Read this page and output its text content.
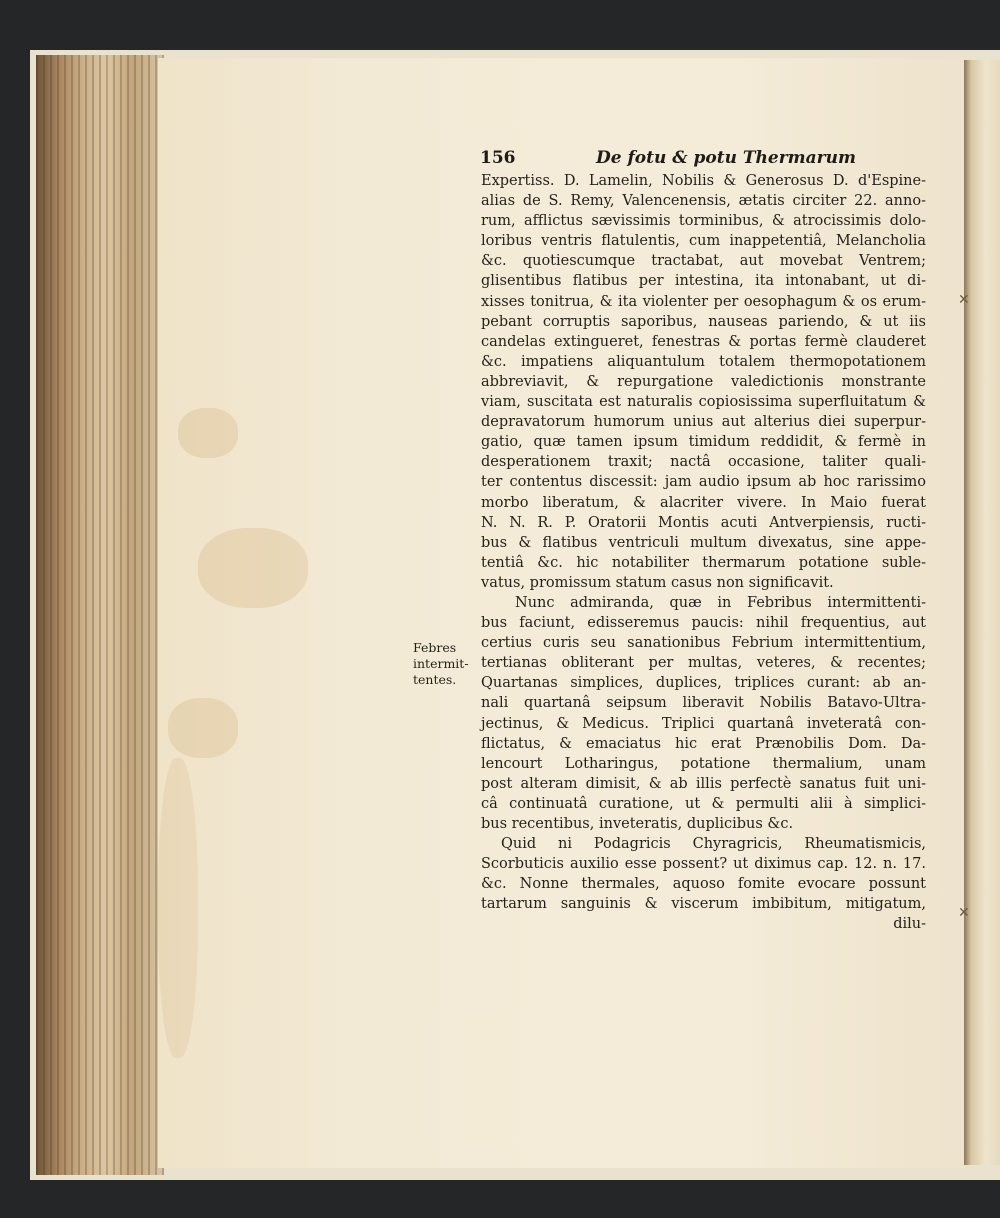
✕
✕
156	De fotu & potu Thermarum
Febres
intermit-
tentes.
Expertiss. D. Lamelin, Nobilis & Generosus D. d'Espine-
alias de S. Remy, Valencenensis, ætatis circiter 22. anno-
rum, afflictus sævissimis torminibus, & atrocissimis dolo-
loribus ventris flatulentis, cum inappetentiâ, Melancholia
&c. quotiescumque tractabat, aut movebat Ventrem;
glisentibus flatibus per intestina, ita intonabant, ut di-
xisses tonitrua, & ita violenter per oesophagum & os erum-
pebant corruptis saporibus, nauseas pariendo, & ut iis
candelas extingueret, fenestras & portas fermè clauderet
&c. impatiens aliquantulum totalem thermopotationem
abbreviavit, & repurgatione valedictionis monstrante
viam, suscitata est naturalis copiosissima superfluitatum &
depravatorum humorum unius aut alterius diei superpur-
gatio, quæ tamen ipsum timidum reddidit, & fermè in
desperationem traxit; nactâ occasione, taliter quali-
ter contentus discessit: jam audio ipsum ab hoc rarissimo
morbo liberatum, & alacriter vivere. In Maio fuerat
N. N. R. P. Oratorii Montis acuti Antverpiensis, ructi-
bus & flatibus ventriculi multum divexatus, sine appe-
tentiâ &c. hic notabiliter thermarum potatione suble-
vatus, promissum statum casus non significavit.
Nunc admiranda, quæ in Febribus intermittenti-
bus faciunt, edisseremus paucis: nihil frequentius, aut
certius curis seu sanationibus Febrium intermittentium,
tertianas obliterant per multas, veteres, & recentes;
Quartanas simplices, duplices, triplices curant: ab an-
nali quartanâ seipsum liberavit Nobilis Batavo-Ultra-
jectinus, & Medicus. Triplici quartanâ inveteratâ con-
flictatus, & emaciatus hic erat Prænobilis Dom. Da-
lencourt Lotharingus, potatione thermalium, unam
post alteram dimisit, & ab illis perfectè sanatus fuit uni-
câ continuatâ curatione, ut & permulti alii à simplici-
bus recentibus, inveteratis, duplicibus &c.
Quid ni Podagricis Chyragricis, Rheumatismicis,
Scorbuticis auxilio esse possent? ut diximus cap. 12. n. 17.
&c. Nonne thermales, aquoso fomite evocare possunt
tartarum sanguinis & viscerum imbibitum, mitigatum,
dilu-
